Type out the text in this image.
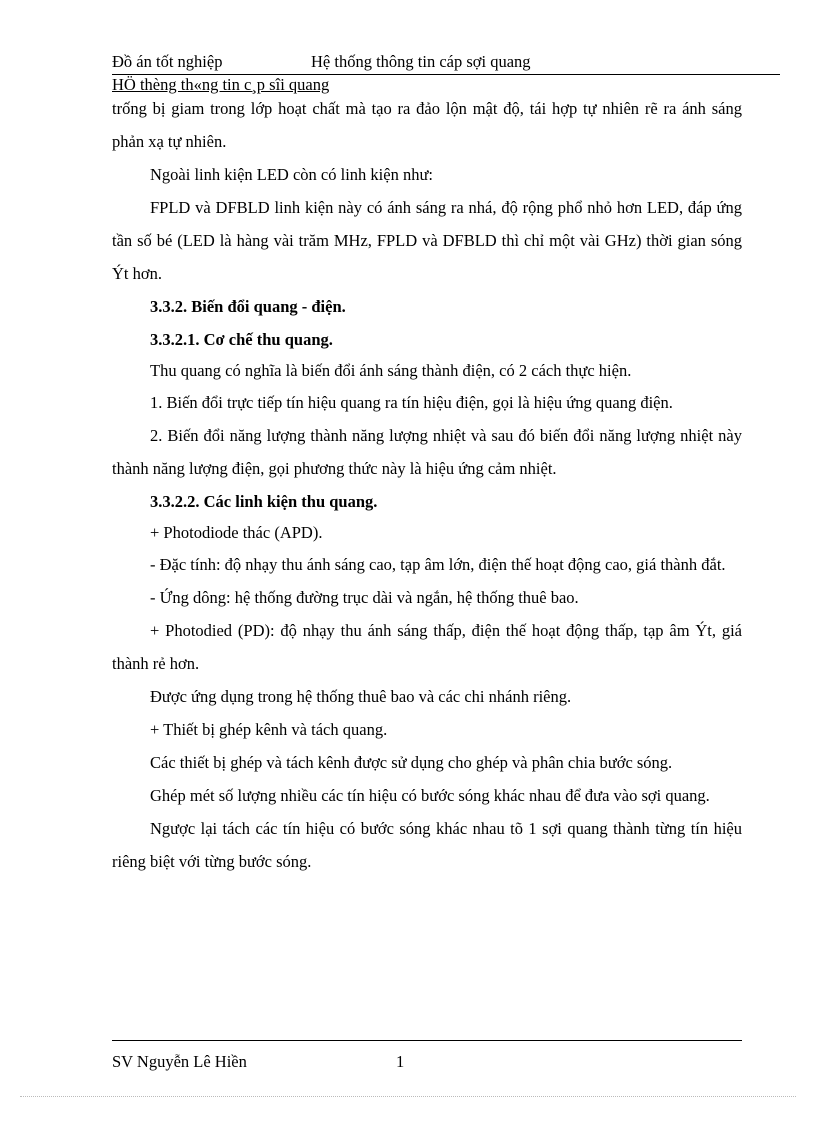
Đồ án tốt nghiệp	Hệ thống thông tin cáp sợi quang
HÖ thèng th«ng tin c¸p sîi quang

trống bị giam trong lớp hoạt chất mà tạo ra đảo lộn mật độ, tái hợp tự nhiên rẽ ra ánh sáng phản xạ tự nhiên.

Ngoài linh kiện LED còn có linh kiện như:

FPLD và DFBLD linh kiện này có ánh sáng ra nhá, độ rộng phổ nhỏ hơn LED, đáp ứng tần số bé (LED là hàng vài trăm MHz, FPLD và DFBLD thì chỉ một vài GHz) thời gian sóng Ýt hơn.

3.3.2. Biến đổi quang - điện.

3.3.2.1. Cơ chế thu quang.

Thu quang có nghĩa là biến đổi ánh sáng thành điện, có 2 cách thực hiện.

1. Biến đổi trực tiếp tín hiệu quang ra tín hiệu điện, gọi là hiệu ứng quang điện.

2. Biến đổi năng lượng thành năng lượng nhiệt và sau đó biến đổi năng lượng nhiệt này thành năng lượng điện, gọi phương thức này là hiệu ứng cảm nhiệt.

3.3.2.2. Các linh kiện thu quang.

+ Photodiode thác (APD).

- Đặc tính: độ nhạy thu ánh sáng cao, tạp âm lớn, điện thế hoạt động cao, giá thành đắt.

- Ứng dông: hệ thống đường trục dài và ngắn, hệ thống thuê bao.

+ Photodied (PD): độ nhạy thu ánh sáng thấp, điện thế hoạt động thấp, tạp âm Ýt, giá thành rẻ hơn.

Được ứng dụng trong hệ thống thuê bao và các chi nhánh riêng.

+ Thiết bị ghép kênh và tách quang.

Các thiết bị ghép và tách kênh được sử dụng cho ghép và phân chia bước sóng.

Ghép mét số lượng nhiều các tín hiệu có bước sóng khác nhau để đưa vào sợi quang.

Ngược lại tách các tín hiệu có bước sóng khác nhau tõ 1 sợi quang thành từng tín hiệu riêng biệt với từng bước sóng.

SV Nguyễn Lê Hiền	1
